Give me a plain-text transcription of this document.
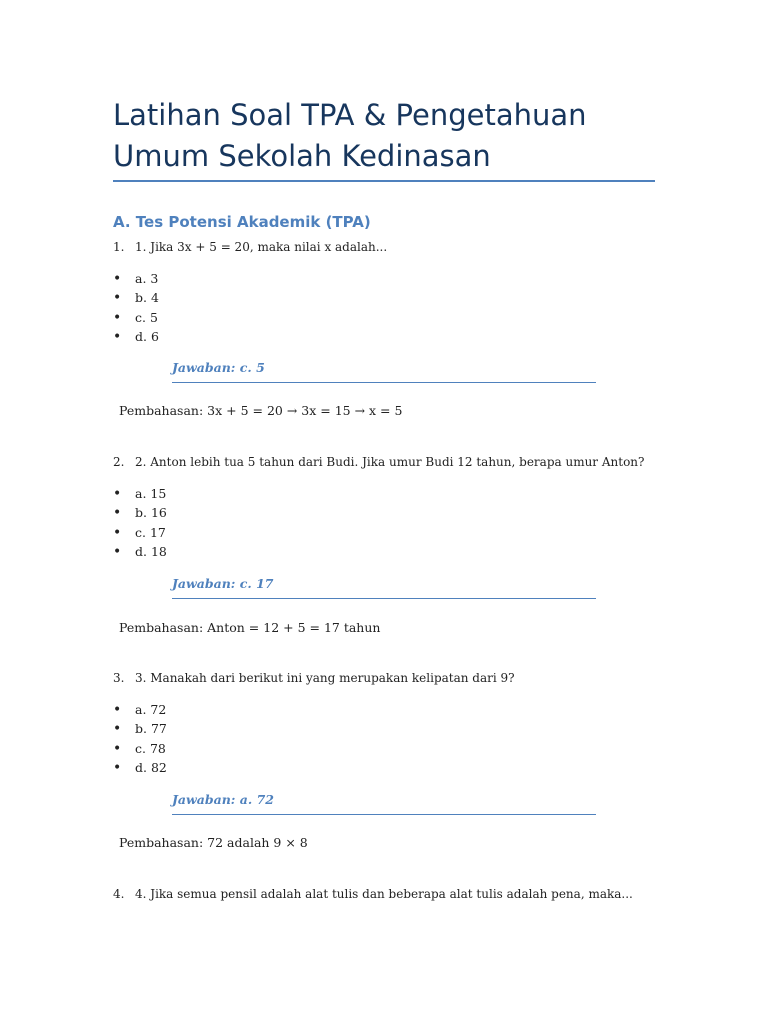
Latihan Soal TPA & Pengetahuan Umum Sekolah Kedinasan
A. Tes Potensi Akademik (TPA)
1. 1. Jika 3x + 5 = 20, maka nilai x adalah...
• a. 3
• b. 4
• c. 5
• d. 6
Jawaban: c. 5
Pembahasan: 3x + 5 = 20 → 3x = 15 → x = 5
2. 2. Anton lebih tua 5 tahun dari Budi. Jika umur Budi 12 tahun, berapa umur Anton?
• a. 15
• b. 16
• c. 17
• d. 18
Jawaban: c. 17
Pembahasan: Anton = 12 + 5 = 17 tahun
3. 3. Manakah dari berikut ini yang merupakan kelipatan dari 9?
• a. 72
• b. 77
• c. 78
• d. 82
Jawaban: a. 72
Pembahasan: 72 adalah 9 × 8
4. 4. Jika semua pensil adalah alat tulis dan beberapa alat tulis adalah pena, maka...
